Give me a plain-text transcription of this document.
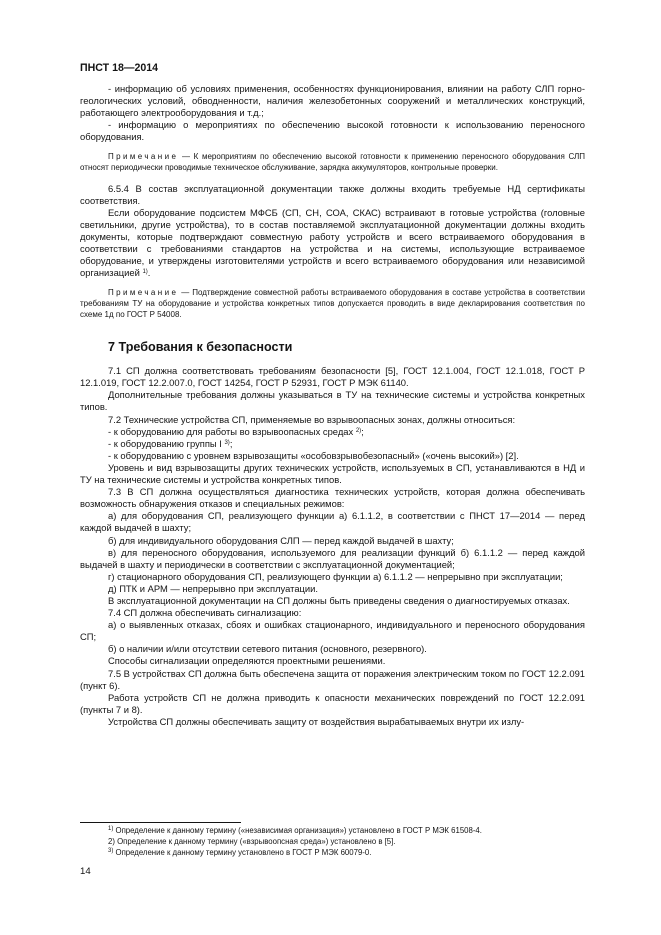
ПНСТ 18—2014

- информацию об условиях применения, особенностях функционирования, влиянии на работу СЛП горно-геологических условий, обводненности, наличия железобетонных сооружений и металлических конструкций, работающего электрооборудования и т.д.;

- информацию о мероприятиях по обеспечению высокой готовности к использованию переносного оборудования.

Примечание — К мероприятиям по обеспечению высокой готовности к применению переносного оборудования СЛП относят периодически проводимые техническое обслуживание, зарядка аккумуляторов, контрольные проверки.

6.5.4 В состав эксплуатационной документации также должны входить требуемые НД сертификаты соответствия.

Если оборудование подсистем МФСБ (СП, СН, СОА, СКАС) встраивают в готовые устройства (головные светильники, другие устройства), то в состав поставляемой эксплуатационной документации должны входить документы, которые подтверждают совместную работу устройств и всего встраиваемого оборудования в соответствии с требованиями стандартов на устройства и на системы, использующие встраиваемое оборудование, и утверждены изготовителями устройств и всего встраиваемого оборудования или независимой организацией $^{1)}$.

Примечание — Подтверждение совместной работы встраиваемого оборудования в составе устройства в соответствии требованиям ТУ на оборудование и устройства конкретных типов допускается проводить в виде декларирования соответствия по схеме 1д по ГОСТ Р 54008.

7 Требования к безопасности

7.1 СП должна соответствовать требованиям безопасности [5], ГОСТ 12.1.004, ГОСТ 12.1.018, ГОСТ Р 12.1.019, ГОСТ 12.2.007.0, ГОСТ 14254, ГОСТ Р 52931, ГОСТ Р МЭК 61140.

Дополнительные требования должны указываться в ТУ на технические системы и устройства конкретных типов.

7.2 Технические устройства СП, применяемые во взрывоопасных зонах, должны относиться:

- к оборудованию для работы во взрывоопасных средах $^{2)}$;

- к оборудованию группы I $^{3)}$;

- к оборудованию с уровнем взрывозащиты «особовзрывобезопасный» («очень высокий») [2].

Уровень и вид взрывозащиты других технических устройств, используемых в СП, устанавливаются в НД и ТУ на технические системы и устройства конкретных типов.

7.3 В СП должна осуществляться диагностика технических устройств, которая должна обеспечивать возможность обнаружения отказов и специальных режимов:

а) для оборудования СП, реализующего функции а) 6.1.1.2, в соответствии с ПНСТ 17—2014 — перед каждой выдачей в шахту;

б) для индивидуального оборудования СЛП — перед каждой выдачей в шахту;

в) для переносного оборудования, используемого для реализации функций б) 6.1.1.2 — перед каждой выдачей в шахту и периодически в соответствии с эксплуатационной документацией;

г) стационарного оборудования СП, реализующего функции а) 6.1.1.2 — непрерывно при эксплуатации;

д) ПТК и АРМ — непрерывно при эксплуатации.

В эксплуатационной документации на СП должны быть приведены сведения о диагностируемых отказах.

7.4 СП должна обеспечивать сигнализацию:

а) о выявленных отказах, сбоях и ошибках стационарного, индивидуального и переносного оборудования СП;

б) о наличии и/или отсутствии сетевого питания (основного, резервного).

Способы сигнализации определяются проектными решениями.

7.5 В устройствах СП должна быть обеспечена защита от поражения электрическим током по ГОСТ 12.2.091 (пункт 6).

Работа устройств СП не должна приводить к опасности механических повреждений по ГОСТ 12.2.091 (пункты 7 и 8).

Устройства СП должны обеспечивать защиту от воздействия вырабатываемых внутри их излу-

$^{1)}$ Определение к данному термину («независимая организация») установлено в ГОСТ Р МЭК 61508-4.
2) Определение к данному термину («взрывоопсная среда») установлено в [5].
$^{3)}$ Определение к данному термину установлено в ГОСТ Р МЭК 60079-0.
14
